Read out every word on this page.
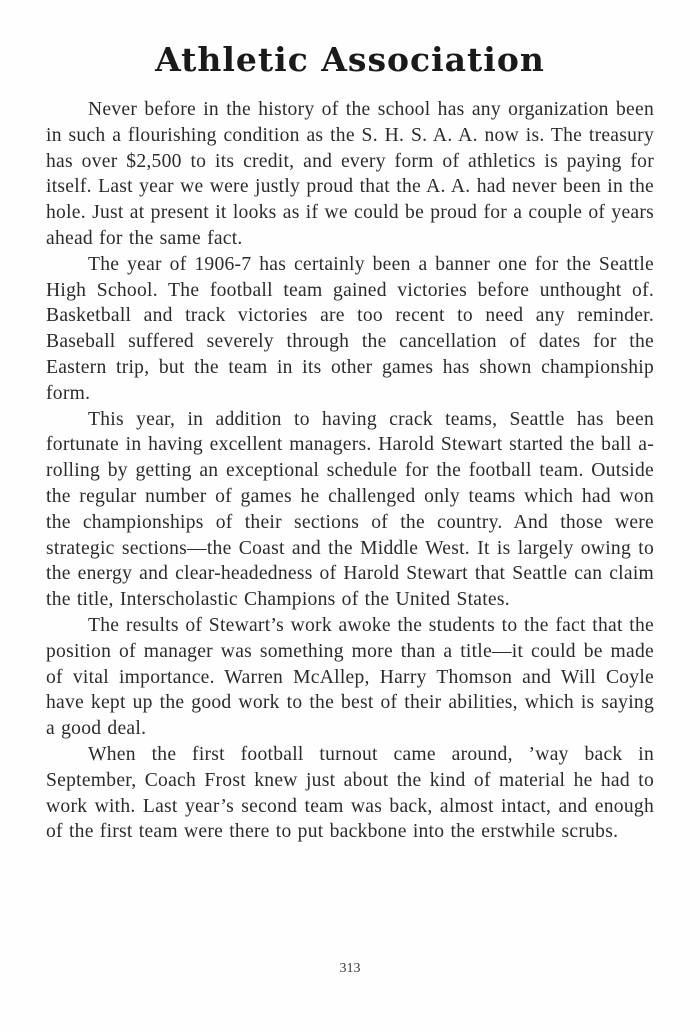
Athletic Association

Never before in the history of the school has any organization been in such a flourishing condition as the S. H. S. A. A. now is. The treasury has over $2,500 to its credit, and every form of athletics is paying for itself. Last year we were justly proud that the A. A. had never been in the hole. Just at present it looks as if we could be proud for a couple of years ahead for the same fact.

The year of 1906-7 has certainly been a banner one for the Seattle High School. The football team gained victories before unthought of. Basketball and track victories are too recent to need any reminder. Baseball suffered severely through the cancellation of dates for the Eastern trip, but the team in its other games has shown championship form.

This year, in addition to having crack teams, Seattle has been fortunate in having excellent managers. Harold Stewart started the ball a-rolling by getting an exceptional schedule for the football team. Outside the regular number of games he challenged only teams which had won the championships of their sections of the country. And those were strategic sections—the Coast and the Middle West. It is largely owing to the energy and clear-headedness of Harold Stewart that Seattle can claim the title, Interscholastic Champions of the United States.

The results of Stewart’s work awoke the students to the fact that the position of manager was something more than a title—it could be made of vital importance. Warren McAllep, Harry Thomson and Will Coyle have kept up the good work to the best of their abilities, which is saying a good deal.

When the first football turnout came around, ’way back in September, Coach Frost knew just about the kind of material he had to work with. Last year’s second team was back, almost intact, and enough of the first team were there to put backbone into the erstwhile scrubs.

313
